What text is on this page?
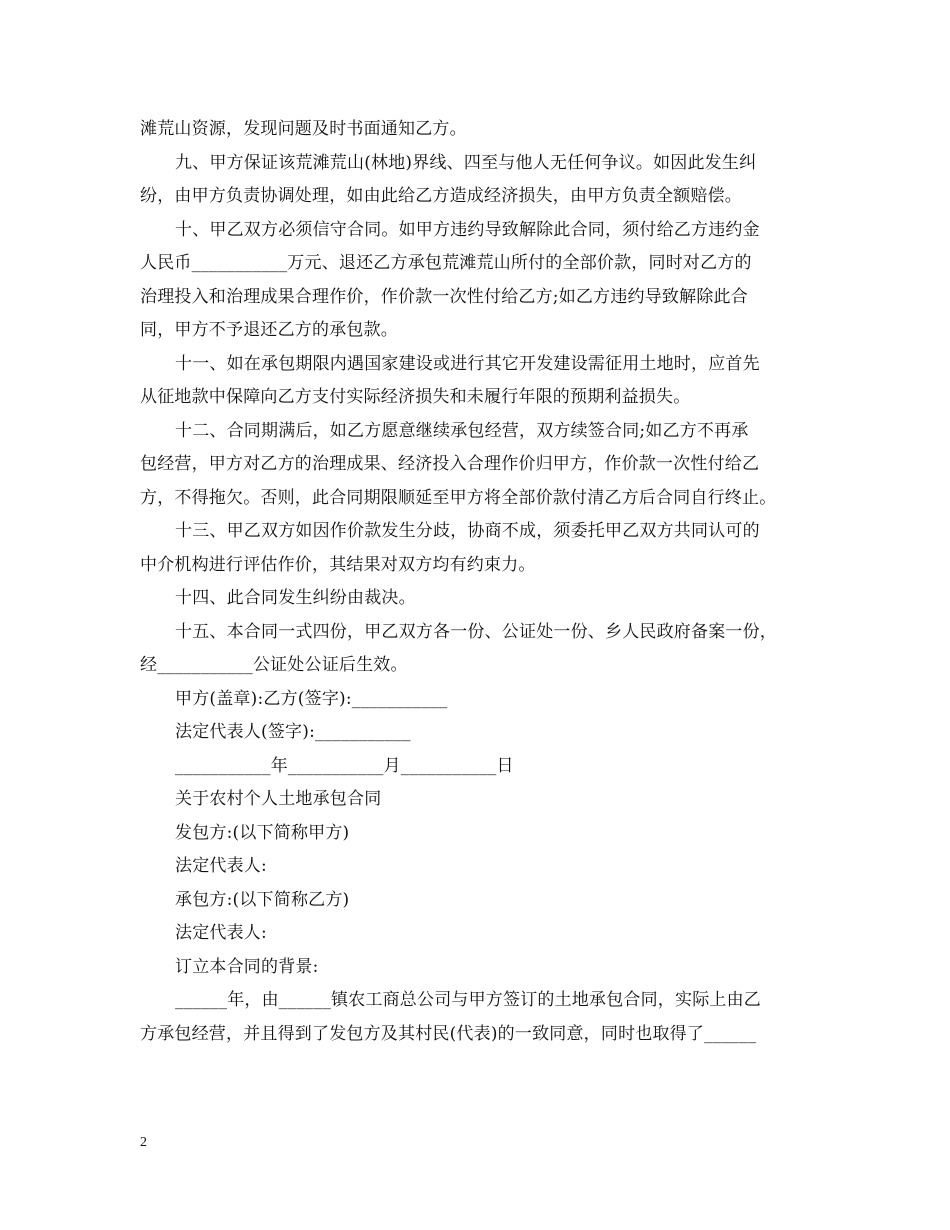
滩荒山资源，发现问题及时书面通知乙方。
九、甲方保证该荒滩荒山(林地)界线、四至与他人无任何争议。如因此发生纠
纷，由甲方负责协调处理，如由此给乙方造成经济损失，由甲方负责全额赔偿。
十、甲乙双方必须信守合同。如甲方违约导致解除此合同，须付给乙方违约金
人民币___________万元、退还乙方承包荒滩荒山所付的全部价款，同时对乙方的
治理投入和治理成果合理作价，作价款一次性付给乙方;如乙方违约导致解除此合
同，甲方不予退还乙方的承包款。
十一、如在承包期限内遇国家建设或进行其它开发建设需征用土地时，应首先
从征地款中保障向乙方支付实际经济损失和未履行年限的预期利益损失。
十二、合同期满后，如乙方愿意继续承包经营，双方续签合同;如乙方不再承
包经营，甲方对乙方的治理成果、经济投入合理作价归甲方，作价款一次性付给乙
方，不得拖欠。否则，此合同期限顺延至甲方将全部价款付清乙方后合同自行终止。
十三、甲乙双方如因作价款发生分歧，协商不成，须委托甲乙双方共同认可的
中介机构进行评估作价，其结果对双方均有约束力。
十四、此合同发生纠纷由裁决。
十五、本合同一式四份，甲乙双方各一份、公证处一份、乡人民政府备案一份，
经___________公证处公证后生效。
甲方(盖章):乙方(签字):___________
法定代表人(签字):___________
___________年___________月___________日
关于农村个人土地承包合同
发包方:(以下简称甲方)
法定代表人:
承包方:(以下简称乙方)
法定代表人:
订立本合同的背景:
______年，由______镇农工商总公司与甲方签订的土地承包合同，实际上由乙
方承包经营，并且得到了发包方及其村民(代表)的一致同意，同时也取得了______
2
